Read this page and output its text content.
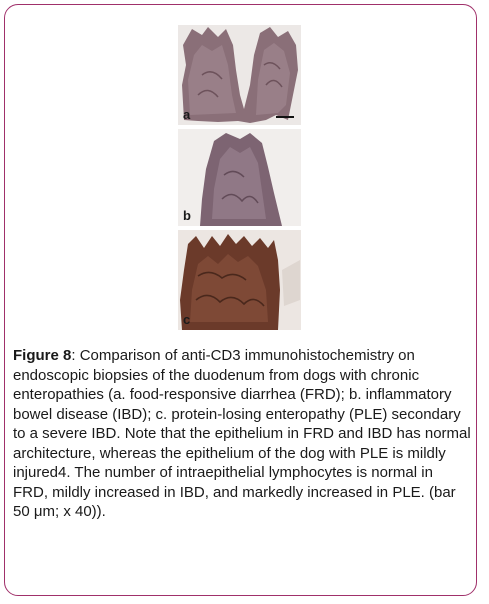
a
b
c
Figure 8: Comparison of anti-CD3 immunohistochemistry on endoscopic biopsies of the duodenum from dogs with chronic enteropathies (a. food-responsive diarrhea (FRD); b. inflammatory bowel disease (IBD); c. protein-losing enteropathy (PLE) secondary to a severe IBD. Note that the epithelium in FRD and IBD has normal architecture, whereas the epithelium of the dog with PLE is mildly injured4. The number of intraepithelial lymphocytes is normal in FRD, mildly increased in IBD, and markedly increased in PLE. (bar 50 μm; x 40)).
